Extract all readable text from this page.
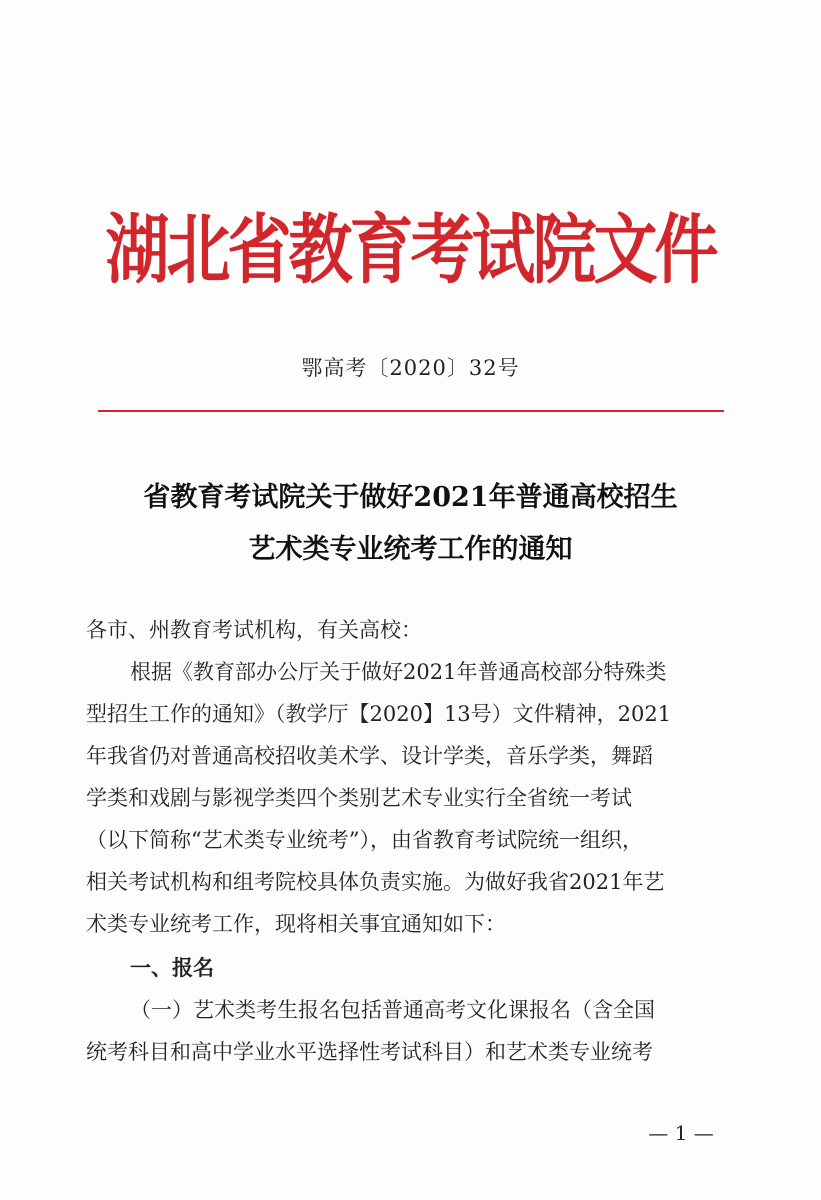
湖北省教育考试院文件
鄂高考〔2020〕32号
省教育考试院关于做好2021年普通高校招生
艺术类专业统考工作的通知
各市、州教育考试机构，有关高校：
根据《教育部办公厅关于做好2021年普通高校部分特殊类
型招生工作的通知》（教学厅【2020】13号）文件精神，2021
年我省仍对普通高校招收美术学、设计学类，音乐学类，舞蹈
学类和戏剧与影视学类四个类别艺术专业实行全省统一考试
（以下简称“艺术类专业统考”），由省教育考试院统一组织，
相关考试机构和组考院校具体负责实施。为做好我省2021年艺
术类专业统考工作，现将相关事宜通知如下：
一、报名
（一）艺术类考生报名包括普通高考文化课报名（含全国
统考科目和高中学业水平选择性考试科目）和艺术类专业统考
— 1 —
